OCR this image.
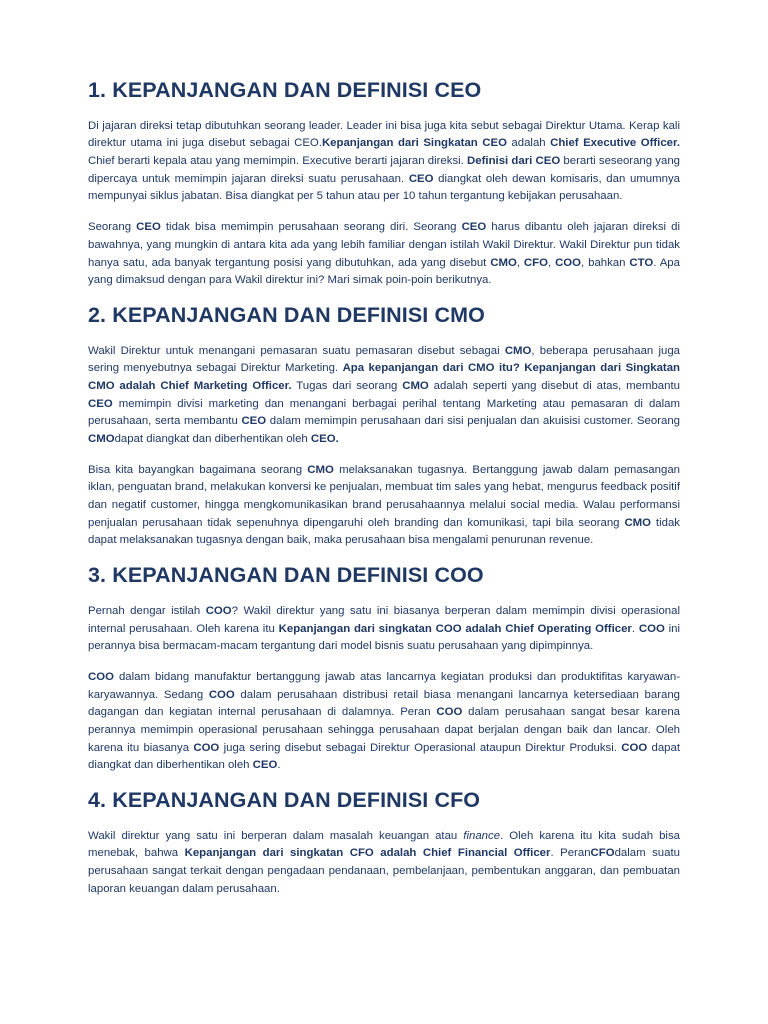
1. KEPANJANGAN DAN DEFINISI CEO

Di jajaran direksi tetap dibutuhkan seorang leader. Leader ini bisa juga kita sebut sebagai Direktur Utama. Kerap kali direktur utama ini juga disebut sebagai CEO.Kepanjangan dari Singkatan CEO adalah Chief Executive Officer. Chief berarti kepala atau yang memimpin. Executive berarti jajaran direksi. Definisi dari CEO berarti seseorang yang dipercaya untuk memimpin jajaran direksi suatu perusahaan. CEO diangkat oleh dewan komisaris, dan umumnya mempunyai siklus jabatan. Bisa diangkat per 5 tahun atau per 10 tahun tergantung kebijakan perusahaan.

Seorang CEO tidak bisa memimpin perusahaan seorang diri. Seorang CEO harus dibantu oleh jajaran direksi di bawahnya, yang mungkin di antara kita ada yang lebih familiar dengan istilah Wakil Direktur. Wakil Direktur pun tidak hanya satu, ada banyak tergantung posisi yang dibutuhkan, ada yang disebut CMO, CFO, COO, bahkan CTO. Apa yang dimaksud dengan para Wakil direktur ini? Mari simak poin-poin berikutnya.

2. KEPANJANGAN DAN DEFINISI CMO

Wakil Direktur untuk menangani pemasaran suatu pemasaran disebut sebagai CMO, beberapa perusahaan juga sering menyebutnya sebagai Direktur Marketing. Apa kepanjangan dari CMO itu? Kepanjangan dari Singkatan CMO adalah Chief Marketing Officer. Tugas dari seorang CMO adalah seperti yang disebut di atas, membantu CEO memimpin divisi marketing dan menangani berbagai perihal tentang Marketing atau pemasaran di dalam perusahaan, serta membantu CEO dalam memimpin perusahaan dari sisi penjualan dan akuisisi customer. Seorang CMOdapat diangkat dan diberhentikan oleh CEO.

Bisa kita bayangkan bagaimana seorang CMO melaksanakan tugasnya. Bertanggung jawab dalam pemasangan iklan, penguatan brand, melakukan konversi ke penjualan, membuat tim sales yang hebat, mengurus feedback positif dan negatif customer, hingga mengkomunikasikan brand perusahaannya melalui social media. Walau performansi penjualan perusahaan tidak sepenuhnya dipengaruhi oleh branding dan komunikasi, tapi bila seorang CMO tidak dapat melaksanakan tugasnya dengan baik, maka perusahaan bisa mengalami penurunan revenue.

3. KEPANJANGAN DAN DEFINISI COO

Pernah dengar istilah COO? Wakil direktur yang satu ini biasanya berperan dalam memimpin divisi operasional internal perusahaan. Oleh karena itu Kepanjangan dari singkatan COO adalah Chief Operating Officer. COO ini perannya bisa bermacam-macam tergantung dari model bisnis suatu perusahaan yang dipimpinnya.

COO dalam bidang manufaktur bertanggung jawab atas lancarnya kegiatan produksi dan produktifitas karyawan-karyawannya. Sedang COO dalam perusahaan distribusi retail biasa menangani lancarnya ketersediaan barang dagangan dan kegiatan internal perusahaan di dalamnya. Peran COO dalam perusahaan sangat besar karena perannya memimpin operasional perusahaan sehingga perusahaan dapat berjalan dengan baik dan lancar. Oleh karena itu biasanya COO juga sering disebut sebagai Direktur Operasional ataupun Direktur Produksi. COO dapat diangkat dan diberhentikan oleh CEO.

4. KEPANJANGAN DAN DEFINISI CFO

Wakil direktur yang satu ini berperan dalam masalah keuangan atau finance. Oleh karena itu kita sudah bisa menebak, bahwa Kepanjangan dari singkatan CFO adalah Chief Financial Officer. PeranCFOdalam suatu perusahaan sangat terkait dengan pengadaan pendanaan, pembelanjaan, pembentukan anggaran, dan pembuatan laporan keuangan dalam perusahaan.
